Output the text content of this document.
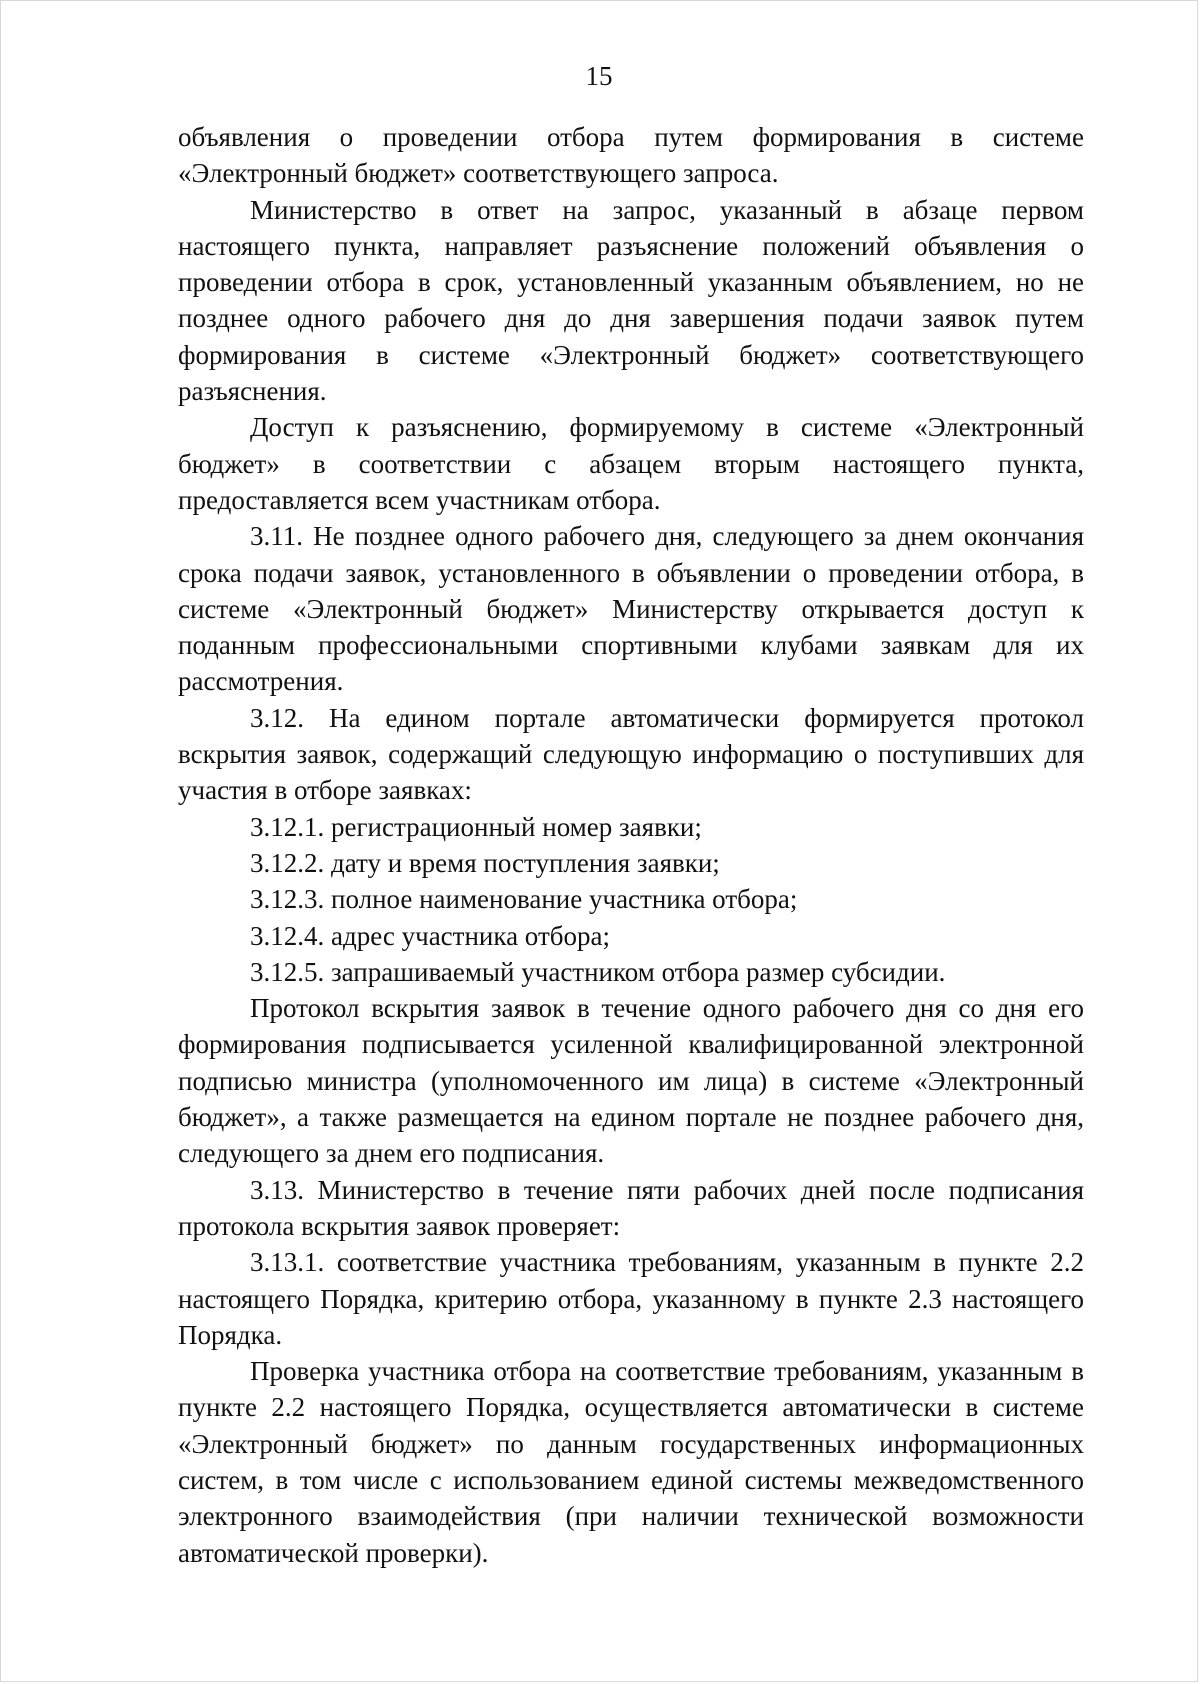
15

объявления о проведении отбора путем формирования в системе «Электронный бюджет» соответствующего запроса.

Министерство в ответ на запрос, указанный в абзаце первом настоящего пункта, направляет разъяснение положений объявления о проведении отбора в срок, установленный указанным объявлением, но не позднее одного рабочего дня до дня завершения подачи заявок путем формирования в системе «Электронный бюджет» соответствующего разъяснения.

Доступ к разъяснению, формируемому в системе «Электронный бюджет» в соответствии с абзацем вторым настоящего пункта, предоставляется всем участникам отбора.

3.11. Не позднее одного рабочего дня, следующего за днем окончания срока подачи заявок, установленного в объявлении о проведении отбора, в системе «Электронный бюджет» Министерству открывается доступ к поданным профессиональными спортивными клубами заявкам для их рассмотрения.

3.12. На едином портале автоматически формируется протокол вскрытия заявок, содержащий следующую информацию о поступивших для участия в отборе заявках:

3.12.1. регистрационный номер заявки;

3.12.2. дату и время поступления заявки;

3.12.3. полное наименование участника отбора;

3.12.4. адрес участника отбора;

3.12.5. запрашиваемый участником отбора размер субсидии.

Протокол вскрытия заявок в течение одного рабочего дня со дня его формирования подписывается усиленной квалифицированной электронной подписью министра (уполномоченного им лица) в системе «Электронный бюджет», а также размещается на едином портале не позднее рабочего дня, следующего за днем его подписания.

3.13. Министерство в течение пяти рабочих дней после подписания протокола вскрытия заявок проверяет:

3.13.1. соответствие участника требованиям, указанным в пункте 2.2 настоящего Порядка, критерию отбора, указанному в пункте 2.3 настоящего Порядка.

Проверка участника отбора на соответствие требованиям, указанным в пункте 2.2 настоящего Порядка, осуществляется автоматически в системе «Электронный бюджет» по данным государственных информационных систем, в том числе с использованием единой системы межведомственного электронного взаимодействия (при наличии технической возможности автоматической проверки).
